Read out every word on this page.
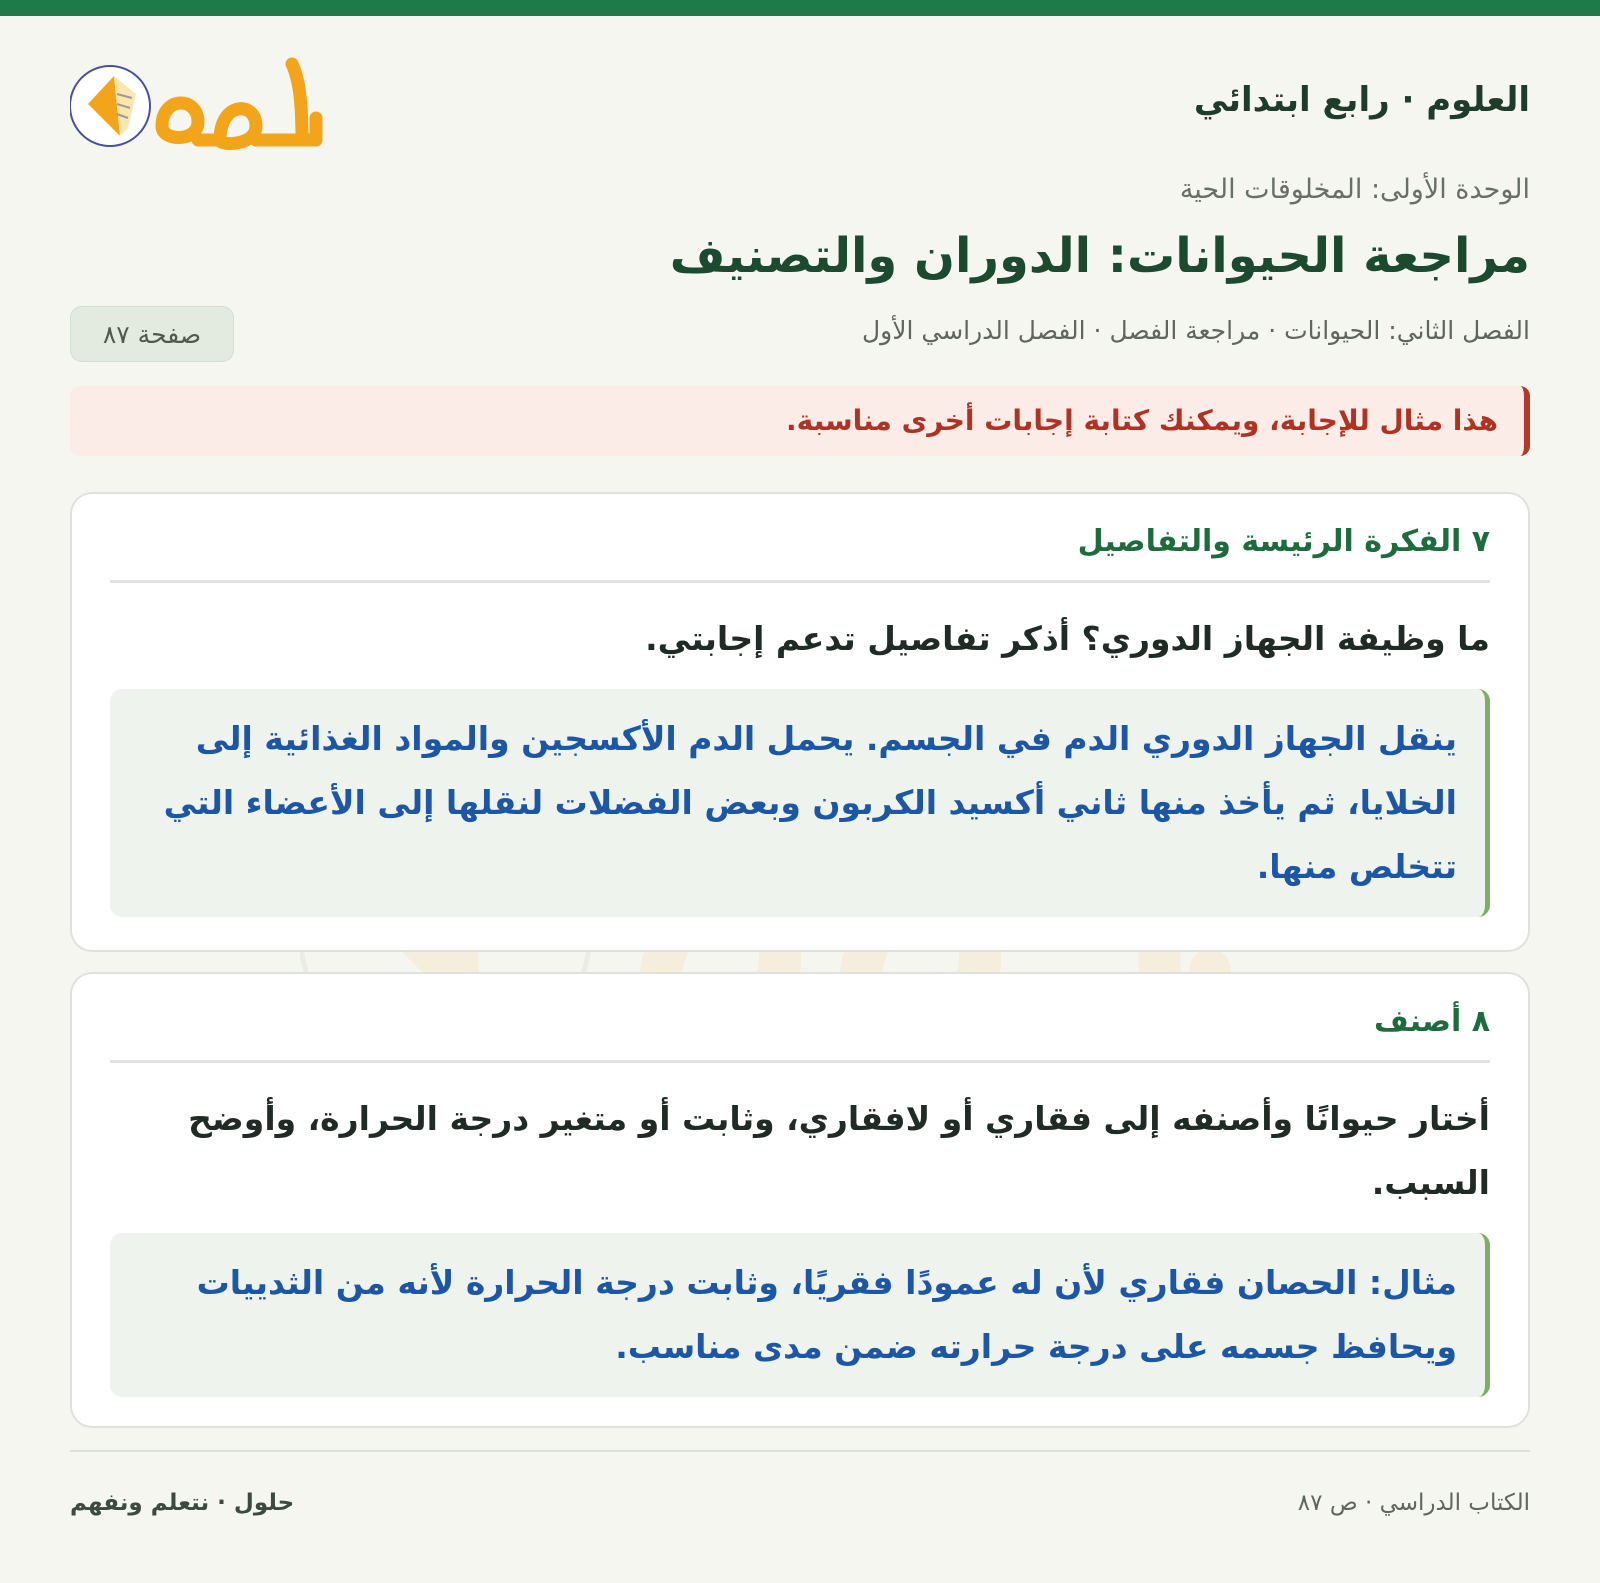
العلوم · رابع ابتدائي
الوحدة الأولى: المخلوقات الحية
مراجعة الحيوانات: الدوران والتصنيف
الفصل الثاني: الحيوانات · مراجعة الفصل · الفصل الدراسي الأول
صفحة ٨٧
هذا مثال للإجابة، ويمكنك كتابة إجابات أخرى مناسبة.
٧ الفكرة الرئيسة والتفاصيل
ما وظيفة الجهاز الدوري؟ أذكر تفاصيل تدعم إجابتي.
ينقل الجهاز الدوري الدم في الجسم. يحمل الدم الأكسجين والمواد الغذائية إلى الخلايا، ثم يأخذ منها ثاني أكسيد الكربون وبعض الفضلات لنقلها إلى الأعضاء التي تتخلص منها.
٨ أصنف
أختار حيوانًا وأصنفه إلى فقاري أو لافقاري، وثابت أو متغير درجة الحرارة، وأوضح السبب.
مثال: الحصان فقاري لأن له عمودًا فقريًا، وثابت درجة الحرارة لأنه من الثدييات ويحافظ جسمه على درجة حرارته ضمن مدى مناسب.
الكتاب الدراسي · ص ٨٧
حلول · نتعلم ونفهم
